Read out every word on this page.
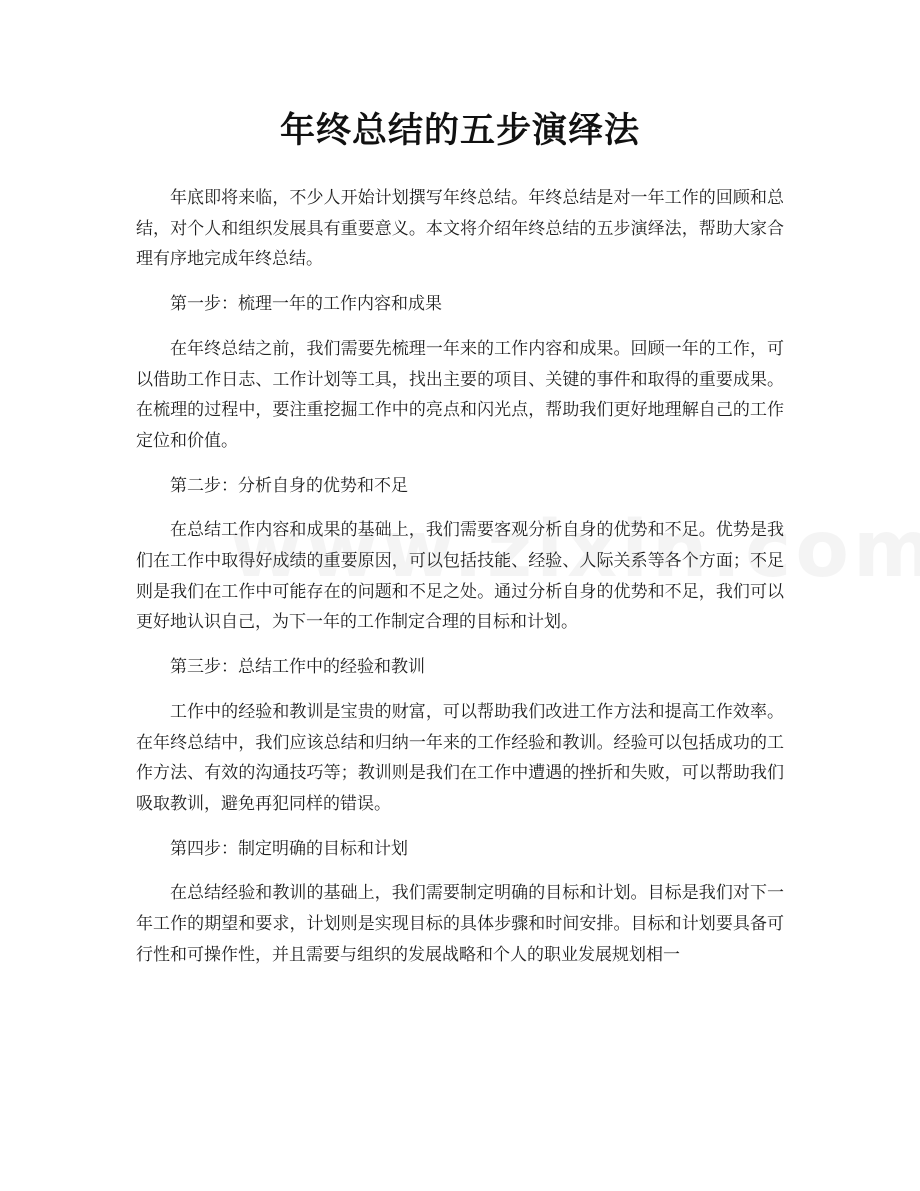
年终总结的五步演绎法

年底即将来临，不少人开始计划撰写年终总结。年终总结是对一年工作的回顾和总结，对个人和组织发展具有重要意义。本文将介绍年终总结的五步演绎法，帮助大家合理有序地完成年终总结。

第一步：梳理一年的工作内容和成果

在年终总结之前，我们需要先梳理一年来的工作内容和成果。回顾一年的工作，可以借助工作日志、工作计划等工具，找出主要的项目、关键的事件和取得的重要成果。在梳理的过程中，要注重挖掘工作中的亮点和闪光点，帮助我们更好地理解自己的工作定位和价值。

第二步：分析自身的优势和不足

在总结工作内容和成果的基础上，我们需要客观分析自身的优势和不足。优势是我们在工作中取得好成绩的重要原因，可以包括技能、经验、人际关系等各个方面；不足则是我们在工作中可能存在的问题和不足之处。通过分析自身的优势和不足，我们可以更好地认识自己，为下一年的工作制定合理的目标和计划。

第三步：总结工作中的经验和教训

工作中的经验和教训是宝贵的财富，可以帮助我们改进工作方法和提高工作效率。在年终总结中，我们应该总结和归纳一年来的工作经验和教训。经验可以包括成功的工作方法、有效的沟通技巧等；教训则是我们在工作中遭遇的挫折和失败，可以帮助我们吸取教训，避免再犯同样的错误。

第四步：制定明确的目标和计划

在总结经验和教训的基础上，我们需要制定明确的目标和计划。目标是我们对下一年工作的期望和要求，计划则是实现目标的具体步骤和时间安排。目标和计划要具备可行性和可操作性，并且需要与组织的发展战略和个人的职业发展规划相一
